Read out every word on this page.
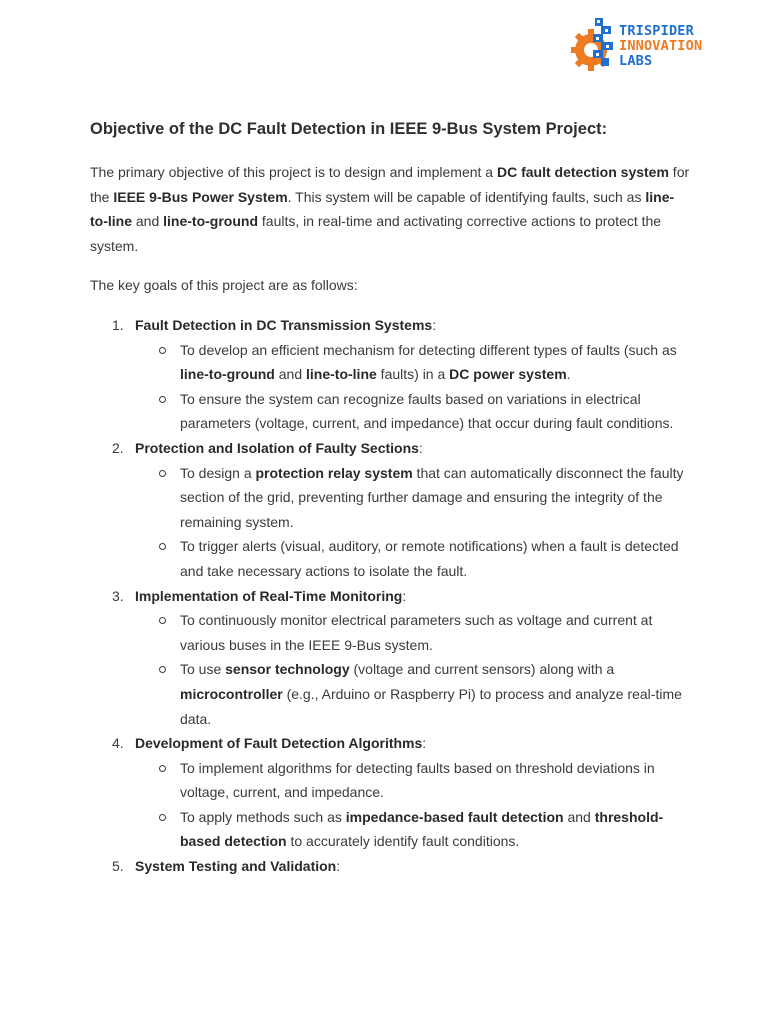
TRISPIDER
INNOVATION
LABS
Objective of the DC Fault Detection in IEEE 9-Bus System Project:

The primary objective of this project is to design and implement a DC fault detection system for the IEEE 9-Bus Power System. This system will be capable of identifying faults, such as line-to-line and line-to-ground faults, in real-time and activating corrective actions to protect the system.

The key goals of this project are as follows:

1. Fault Detection in DC Transmission Systems:
To develop an efficient mechanism for detecting different types of faults (such as line-to-ground and line-to-line faults) in a DC power system.
To ensure the system can recognize faults based on variations in electrical parameters (voltage, current, and impedance) that occur during fault conditions.
2. Protection and Isolation of Faulty Sections:
To design a protection relay system that can automatically disconnect the faulty section of the grid, preventing further damage and ensuring the integrity of the remaining system.
To trigger alerts (visual, auditory, or remote notifications) when a fault is detected and take necessary actions to isolate the fault.
3. Implementation of Real-Time Monitoring:
To continuously monitor electrical parameters such as voltage and current at various buses in the IEEE 9-Bus system.
To use sensor technology (voltage and current sensors) along with a microcontroller (e.g., Arduino or Raspberry Pi) to process and analyze real-time data.
4. Development of Fault Detection Algorithms:
To implement algorithms for detecting faults based on threshold deviations in voltage, current, and impedance.
To apply methods such as impedance-based fault detection and threshold-based detection to accurately identify fault conditions.
5. System Testing and Validation:
